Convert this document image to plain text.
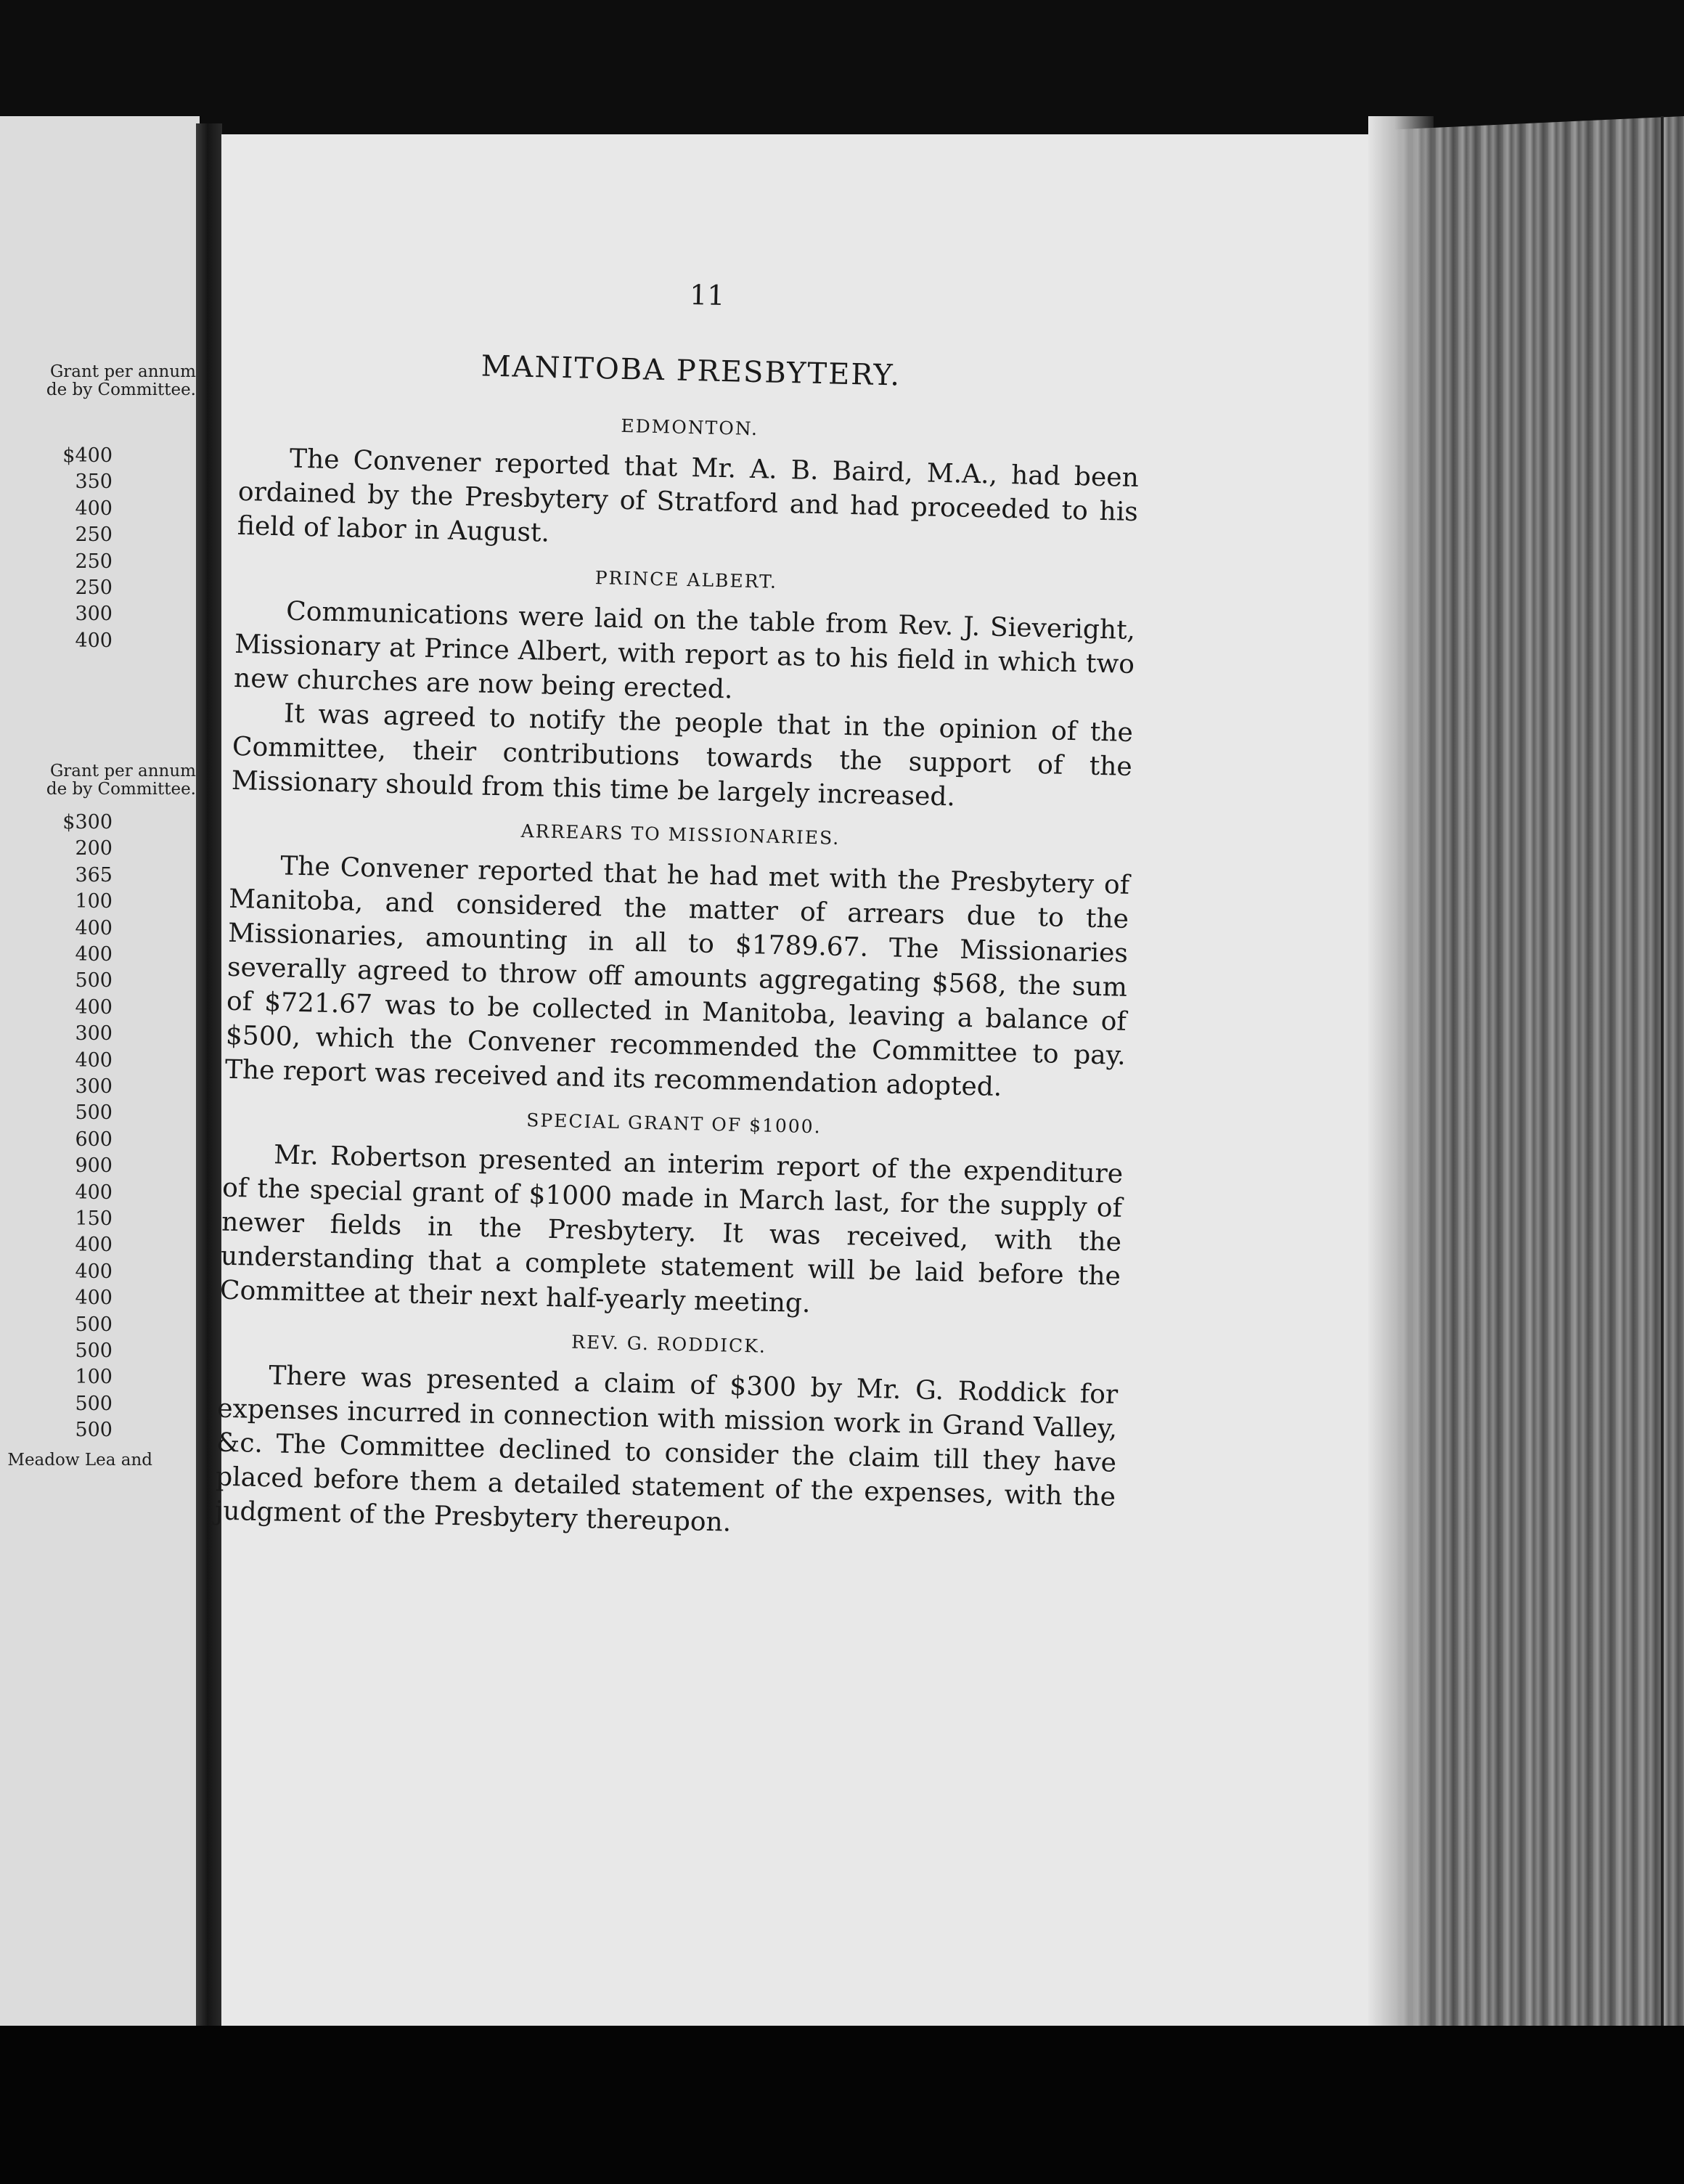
Grant per annum
de by Committee.
$400
350
400
250
250
250
300
400
Grant per annum
de by Committee.
$300
200
365
100
400
400
500
400
300
400
300
500
600
900
400
150
400
400
400
500
500
100
500
500
Meadow Lea and
11
MANITOBA PRESBYTERY.
EDMONTON.

The Convener reported that Mr. A. B. Baird, M.A., had been ordained by the Presbytery of Stratford and had proceeded to his field of labor in August.

PRINCE ALBERT.

Communications were laid on the table from Rev. J. Sieveright, Missionary at Prince Albert, with report as to his field in which two new churches are now being erected.

It was agreed to notify the people that in the opinion of the Committee, their contributions towards the support of the Missionary should from this time be largely increased.

ARREARS TO MISSIONARIES.

The Convener reported that he had met with the Presbytery of Manitoba, and considered the matter of arrears due to the Missionaries, amounting in all to $1789.67. The Missionaries severally agreed to throw off amounts aggregating $568, the sum of $721.67 was to be collected in Manitoba, leaving a balance of $500, which the Convener recommended the Committee to pay. The report was received and its recommendation adopted.

SPECIAL GRANT OF $1000.

Mr. Robertson presented an interim report of the expenditure of the special grant of $1000 made in March last, for the supply of newer fields in the Presbytery. It was received, with the understanding that a complete statement will be laid before the Committee at their next half-yearly meeting.

REV. G. RODDICK.

There was presented a claim of $300 by Mr. G. Roddick for expenses incurred in connection with mission work in Grand Valley, &c. The Committee declined to consider the claim till they have placed before them a detailed statement of the expenses, with the judgment of the Presbytery thereupon.
